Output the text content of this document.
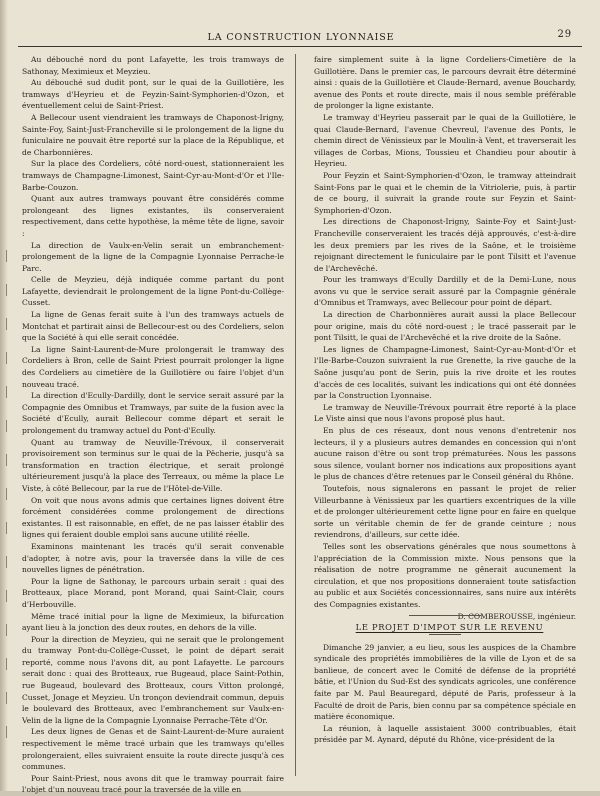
LA CONSTRUCTION LYONNAISE	29

Au débouché nord du pont Lafayette, les trois tramways de Sathonay, Meximieux et Meyzieu.

Au débouché sud dudit pont, sur le quai de la Guillotière, les tramways d'Heyrieu et de Feyzin-Saint-Symphorien-d'Ozon, et éventuellement celui de Saint-Priest.

A Bellecour usent viendraient les tramways de Chaponost-Irigny, Sainte-Foy, Saint-Just-Francheville si le prolongement de la ligne du funiculaire ne pouvait être reporté sur la place de la République, et de Charbonnières.

Sur la place des Cordeliers, côté nord-ouest, stationneraient les tramways de Champagne-Limonest, Saint-Cyr-au-Mont-d'Or et l'Ile-Barbe-Couzon.

Quant aux autres tramways pouvant être considérés comme prolongeant des lignes existantes, ils conserveraient respectivement, dans cette hypothèse, la même tête de ligne, savoir :

La direction de Vaulx-en-Velin serait un embranchement-prolongement de la ligne de la Compagnie Lyonnaise Perrache-le Parc.

Celle de Meyzieu, déjà indiquée comme partant du pont Lafayette, deviendrait le prolongement de la ligne Pont-du-Collège-Cusset.

La ligne de Genas ferait suite à l'un des tramways actuels de Montchat et partirait ainsi de Bellecour-est ou des Cordeliers, selon que la Société à qui elle serait concédée.

La ligne Saint-Laurent-de-Mure prolongerait le tramway des Cordeliers à Bron, celle de Saint Priest pourrait prolonger la ligne des Cordeliers au cimetière de la Guillotière ou faire l'objet d'un nouveau tracé.

La direction d'Ecully-Dardilly, dont le service serait assuré par la Compagnie des Omnibus et Tramways, par suite de la fusion avec la Société d'Ecully, aurait Bellecour comme départ et serait le prolongement du tramway actuel du Pont-d'Ecully.

Quant au tramway de Neuville-Trévoux, il conserverait provisoirement son terminus sur le quai de la Pêcherie, jusqu'à sa transformation en traction électrique, et serait prolongé ultérieurement jusqu'à la place des Terreaux, ou même la place Le Viste, à côté Bellecour, par la rue de l'Hôtel-de-Ville.

On voit que nous avons admis que certaines lignes doivent être forcément considérées comme prolongement de directions existantes. Il est raisonnable, en effet, de ne pas laisser établir des lignes qui feraient double emploi sans aucune utilité réelle.

Examinons maintenant les tracés qu'il serait convenable d'adopter, à notre avis, pour la traversée dans la ville de ces nouvelles lignes de pénétration.

Pour la ligne de Sathonay, le parcours urbain serait : quai des Brotteaux, place Morand, pont Morand, quai Saint-Clair, cours d'Herbouville.

Même tracé initial pour la ligne de Meximieux, la bifurcation ayant lieu à la jonction des deux routes, en dehors de la ville.

Pour la direction de Meyzieu, qui ne serait que le prolongement du tramway Pont-du-Collège-Cusset, le point de départ serait reporté, comme nous l'avons dit, au pont Lafayette. Le parcours serait donc : quai des Brotteaux, rue Bugeaud, place Saint-Pothin, rue Bugeaud, boulevard des Brotteaux, cours Vitton prolongé, Cusset, Jonage et Meyzieu. Un tronçon deviendrait commun, depuis le boulevard des Brotteaux, avec l'embranchement sur Vaulx-en-Velin de la ligne de la Compagnie Lyonnaise Perrache-Tête d'Or.

Les deux lignes de Genas et de Saint-Laurent-de-Mure auraient respectivement le même tracé urbain que les tramways qu'elles prolongeraient, elles suivraient ensuite la route directe jusqu'à ces communes.

Pour Saint-Priest, nous avons dit que le tramway pourrait faire l'objet d'un nouveau tracé pour la traversée de la ville en

faire simplement suite à la ligne Cordeliers-Cimetière de la Guillotière. Dans le premier cas, le parcours devrait être déterminé ainsi : quais de la Guillotière et Claude-Bernard, avenue Bouchardy, avenue des Ponts et route directe, mais il nous semble préférable de prolonger la ligne existante.

Le tramway d'Heyrieu passerait par le quai de la Guillotière, le quai Claude-Bernard, l'avenue Chevreul, l'avenue des Ponts, le chemin direct de Vénissieux par le Moulin-à Vent, et traverserait les villages de Corbas, Mions, Toussieu et Chandieu pour aboutir à Heyrieu.

Pour Feyzin et Saint-Symphorien-d'Ozon, le tramway atteindrait Saint-Fons par le quai et le chemin de la Vitriolerie, puis, à partir de ce bourg, il suivrait la grande route sur Feyzin et Saint-Symphorien-d'Ozon.

Les directions de Chaponost-Irigny, Sainte-Foy et Saint-Just-Francheville conserveraient les tracés déjà approuvés, c'est-à-dire les deux premiers par les rives de la Saône, et le troisième rejoignant directement le funiculaire par le pont Tilsitt et l'avenue de l'Archevêché.

Pour les tramways d'Ecully Dardilly et de la Demi-Lune, nous avons vu que le service serait assuré par la Compagnie générale d'Omnibus et Tramways, avec Bellecour pour point de départ.

La direction de Charbonnières aurait aussi la place Bellecour pour origine, mais du côté nord-ouest ; le tracé passerait par le pont Tilsitt, le quai de l'Archevêché et la rive droite de la Saône.

Les lignes de Champagne-Limonest, Saint-Cyr-au-Mont-d'Or et l'Ile-Barbe-Couzon suivraient la rue Grenette, la rive gauche de la Saône jusqu'au pont de Serin, puis la rive droite et les routes d'accès de ces localités, suivant les indications qui ont été données par la Construction Lyonnaise.

Le tramway de Neuville-Trévoux pourrait être reporté à la place Le Viste ainsi que nous l'avons proposé plus haut.

En plus de ces réseaux, dont nous venons d'entretenir nos lecteurs, il y a plusieurs autres demandes en concession qui n'ont aucune raison d'être ou sont trop prématurées. Nous les passons sous silence, voulant borner nos indications aux propositions ayant le plus de chances d'être retenues par le Conseil général du Rhône.

Toutefois, nous signalerons en passant le projet de relier Villeurbanne à Vénissieux par les quartiers excentriques de la ville et de prolonger ultérieurement cette ligne pour en faire en quelque sorte un véritable chemin de fer de grande ceinture ; nous reviendrons, d'ailleurs, sur cette idée.

Telles sont les observations générales que nous soumettons à l'appréciation de la Commission mixte. Nous pensons que la réalisation de notre programme ne gênerait aucunement la circulation, et que nos propositions donneraient toute satisfaction au public et aux Sociétés concessionnaires, sans nuire aux intérêts des Compagnies existantes.

D. COMBEROUSSE, ingénieur.

LE PROJET D'IMPOT SUR LE REVENU

Dimanche 29 janvier, a eu lieu, sous les auspices de la Chambre syndicale des propriétés immobilières de la ville de Lyon et de sa banlieue, de concert avec le Comité de défense de la propriété bâtie, et l'Union du Sud-Est des syndicats agricoles, une conférence faite par M. Paul Beauregard, député de Paris, professeur à la Faculté de droit de Paris, bien connu par sa compétence spéciale en matière économique.

La réunion, à laquelle assistaient 3000 contribuables, était présidée par M. Aynard, député du Rhône, vice-président de la
